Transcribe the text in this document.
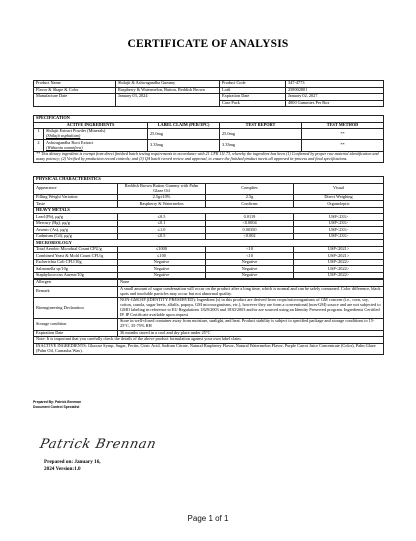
CERTIFICATE OF ANALYSIS
Product Name	Shilajit & Ashwagandha Gummy	Product Code	347-4773
Flavor & Shape & Color	Raspberry & Watermelon, Button, Reddish Brown	Lot#	258002801
Manufacture Date	January 03, 2024	Expiration Date	January 02, 2027
		Case Pack	4800 Gummies Per Box
SPECIFICATION				
ACTIVE INGREDIENTS		LABEL CLAIM (PER/3PC)	TEST REPORT	TEST METHOD
1	Shilajit Extract Powder (Minerals)
(Shilajit asphaltum)	25.0mg	25.0mg	**
2	Ashwagandha Root Extract
(Withania somnifera)	3.33mg	3.33mg	**
** This dietary ingredient is exempt from direct finished batch testing requirements in accordance with 21 CFR 111.73, whereby the ingredient has been (1) Confirmed by proper raw material identification and assay potency; (2) Verified by production record controls; and (3) QA batch record review and approval, to ensure the finished product meets all approved in-process and final specifications.				
PHYSICAL CHARACTERISTICS			
Appearance	Reddish Brown Button Gummy with Palm Glaze Oil	Complies	Visual
Filling Weight Variation	2.5g±10%	2.5g	Direct Weighing
Taste	Raspberry & Watermelon	Confirms	Organoleptic
HEAVY METALS			
Lead (Pb), μg/g	≤0.5	0.0119	USP<233>
Mercury (Hg), μg/g	≤0.1	<0.0004	USP<233>
Arsenic (As), μg/g	≤1.0	0.00350	USP<233>
Cadmium (Cd), μg/g	≤0.5	<0.002	USP<233>
MICROBIOLOGY			
Total Aerobic Microbial Count CFU/g	≤1000	<10	USP<2021>
Combined Yeast & Mold Count CFU/g	≤100	<10	USP<2021>
Escherichia Coli CFU/10g	Negative	Negative	USP<2022>
Salmonella sp/10g	Negative	Negative	USP<2022>
Staphylococcus Aureus/10g	Negative	Negative	USP<2022>
Allergen	None
Remark	A small amount of sugar condensation will occur on the product after a long time, which is normal and can be safely consumed. Color difference, black spots and insoluble particles may occur but not abnormal quality.
Bioengineering Declaration	NON-GMO/IP (IDENTITY PRESERVED): Ingredient (s) in this product are derived from crops/microorganisms of GM concern (i.e., corn, soy, cotton, canola, sugar beets, alfalfa, papaya, GM microorganisms, etc.), however they are from a conventional (non-GM) source and are not subjected to GMO labeling in reference to EU Regulations 1829/2003 and 1830/2003 and/or are sourced using an Identity Preserved program. Ingredients Certified IP. IP Certificate available upon request
Storage condition	Store in well-closed container away from moisture, sunlight, and heat. Product stability is subject to specified package and storage conditions to 15-25°C, 35-75% RH
Expiration Date	36 months stored in a cool and dry place under 25°C
Note: It is important that you carefully check the details of the above product formulation against your own label claim.	
INACTIVE INGREDIENTS: Glucose Syrup, Sugar, Pectin, Citric Acid, Sodium Citrate, Natural Raspberry Flavor, Natural Watermelon Flavor, Purple Carrot Juice Concentrate (Color), Palm Glaze (Palm Oil, Carnauba Wax).	
Prepared By: Patrick Brennan
Document Control Specialist
Patrick Brennan
Prepared on: January 16,
2024 Version:1.0
Page 1 of 1
